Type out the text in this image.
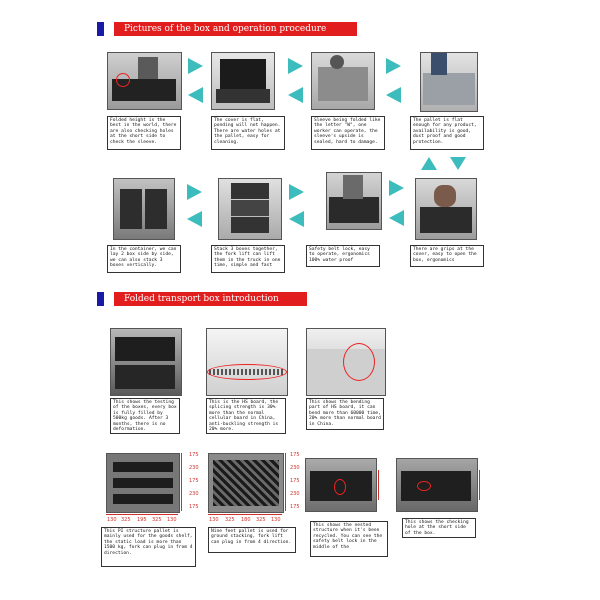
Pictures of the box and operation procedure
Folded height is the best in the world, there are also checking holes at the short side to check the sleeve.
The cover is flat, ponding will not happen. There are water holes at the pallet, easy for cleaning.
Sleeve being folded like the letter "W", one worker can operate, the sleeve's upside is sealed, hard to damage.
The pallet is flat enough for any product, availability is good, dust proof and good protection.
In the container, we can lay 2 box side by side, we can also stack 3 boxes vertically.
Stack 3 boxes together, the fork lift can lift them in the truck in one time, simple and fast
Safety belt lock, easy to operate, ergonomics 100% water proof
There are grips at the cover, easy to open the box, ergonomics
Folded transport box introduction
This shows the testing of the boxes, every box is fully filled by 500kg goods. After 3 months, there is no deformation.
This is the HS board, the splicing strength is 30% more than the normal cellular board in China, anti-buckling strength is 20% more.
This shows the bending part of HS board, it can bend more than 60000 time, 20% more than normal board in China.
175
230
175
230
175
130 325 195 325 130
175
230
175
230
175
130 325 180 325 130
This PI structure pallet is mainly used for the goods shelf, the static load is more than 1500 kg, fork can plug in from 4 direction.
Nine feet pallet is used for ground stacking, fork lift can plug in from 4 direction.
This shows the nested structure when it's been recycled. You can see the safety belt lock in the middle of the
This shows the checking hole at the short side of the box.
